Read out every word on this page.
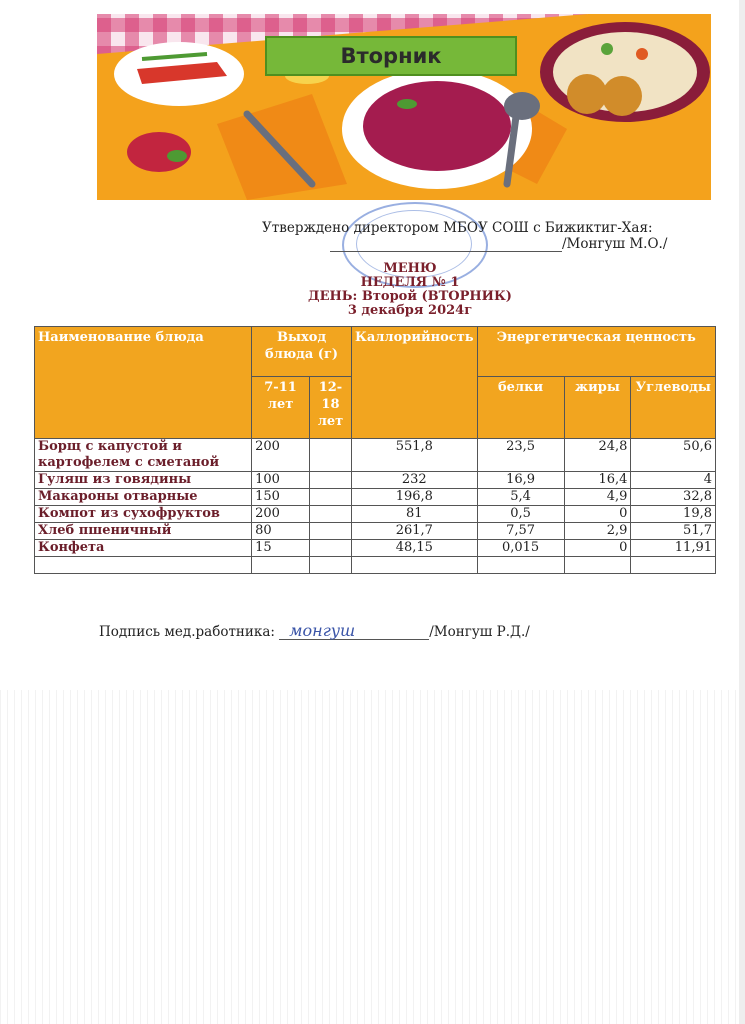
Вторник
Утверждено директором МБОУ СОШ с Бижиктиг-Хая:
/Монгуш М.О./
МЕНЮ
НЕДЕЛЯ № 1
ДЕНЬ: Второй (ВТОРНИК)
3 декабря 2024г
Наименование блюда	Выход блюда (г)		Каллорийность	Энергетическая ценность		
	7-11 лет	12-18 лет		белки	жиры	Углеводы
Борщ с капустой и картофелем с сметаной	200		551,8	23,5	24,8	50,6
Гуляш из говядины	100		232	16,9	16,4	4
Макароны отварные	150		196,8	5,4	4,9	32,8
Компот из сухофруктов	200		81	0,5	0	19,8
Хлеб пшеничный	80		261,7	7,57	2,9	51,7
Конфета	15		48,15	0,015	0	11,91

Подпись мед.работника: монгуш	/Монгуш Р.Д./
